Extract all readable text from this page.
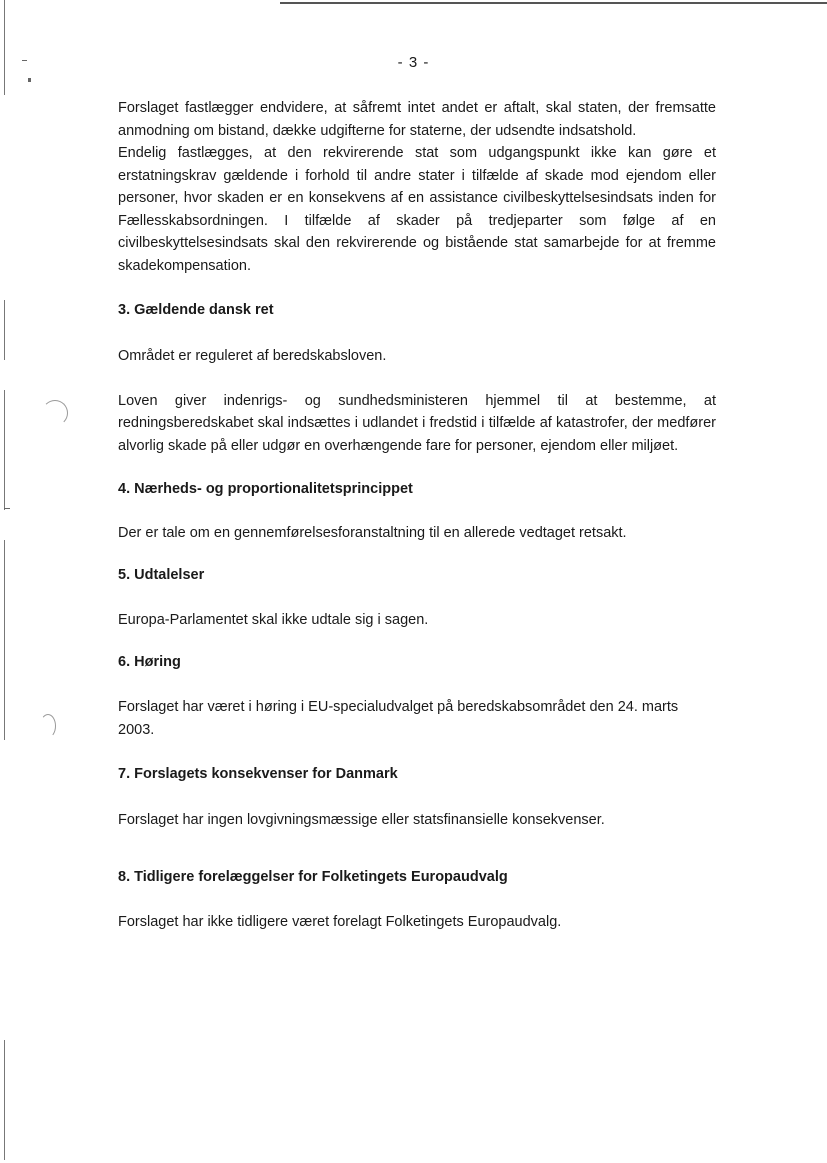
- 3 -

Forslaget fastlægger endvidere, at såfremt intet andet er aftalt, skal staten, der fremsatte anmodning om bistand, dække udgifterne for staterne, der udsendte indsatshold.

Endelig fastlægges, at den rekvirerende stat som udgangspunkt ikke kan gøre et erstatningskrav gældende i forhold til andre stater i tilfælde af skade mod ejendom eller personer, hvor skaden er en konsekvens af en assistance civilbeskyttelsesindsats inden for Fællesskabsordningen. I tilfælde af skader på tredjeparter som følge af en civilbeskyttelsesindsats skal den rekvirerende og bistående stat samarbejde for at fremme skadekompensation.

3. Gældende dansk ret

Området er reguleret af beredskabsloven.

Loven giver indenrigs- og sundhedsministeren hjemmel til at bestemme, at redningsberedskabet skal indsættes i udlandet i fredstid i tilfælde af katastrofer, der medfører alvorlig skade på eller udgør en overhængende fare for personer, ejendom eller miljøet.

4. Nærheds- og proportionalitetsprincippet

Der er tale om en gennemførelsesforanstaltning til en allerede vedtaget retsakt.

5. Udtalelser

Europa-Parlamentet skal ikke udtale sig i sagen.

6. Høring

Forslaget har været i høring i EU-specialudvalget på beredskabsområdet den 24. marts 2003.

7. Forslagets konsekvenser for Danmark

Forslaget har ingen lovgivningsmæssige eller statsfinansielle konsekvenser.

8. Tidligere forelæggelser for Folketingets Europaudvalg

Forslaget har ikke tidligere været forelagt Folketingets Europaudvalg.
